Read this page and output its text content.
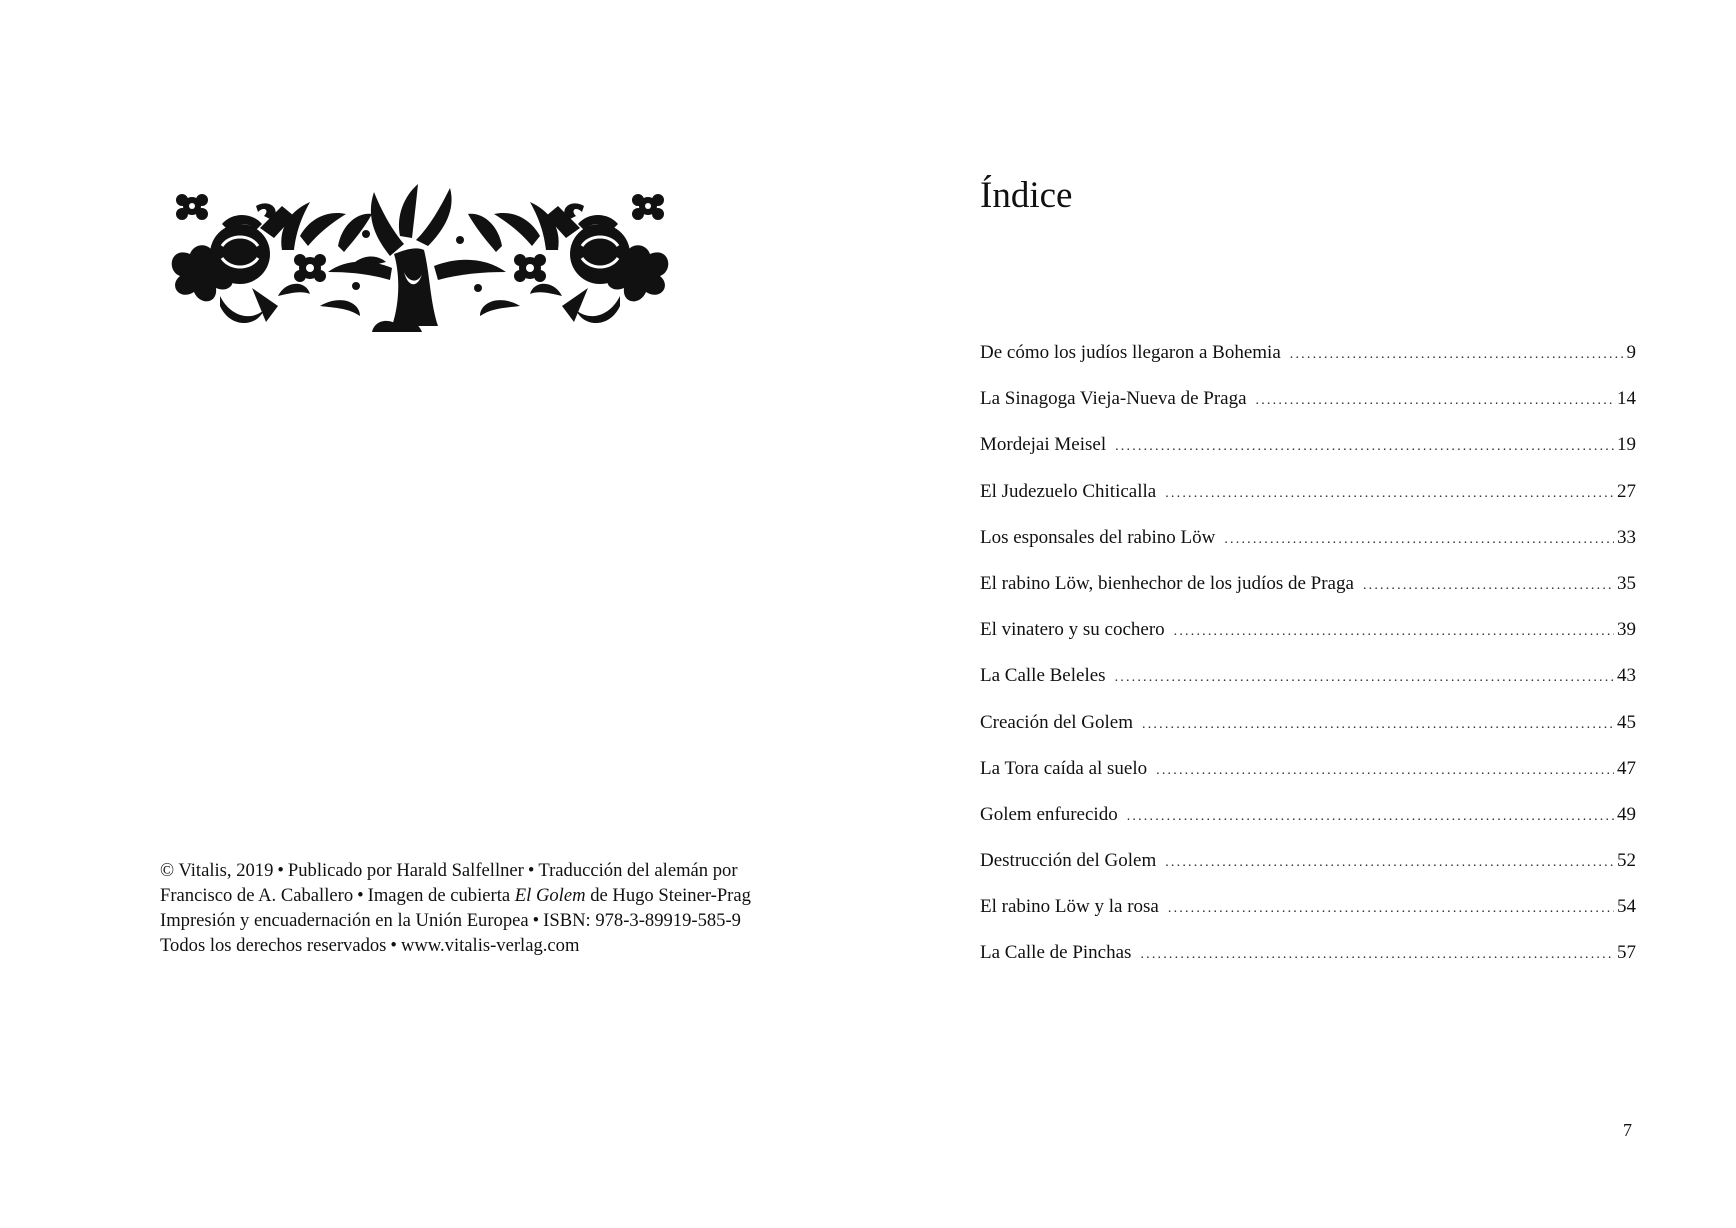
© Vitalis, 2019 • Publicado por Harald Salfellner • Traducción del alemán por
Francisco de A. Caballero • Imagen de cubierta El Golem de Hugo Steiner-Prag
Impresión y encuadernación en la Unión Europea • ISBN: 978-3-89919-585-9
Todos los derechos reservados • www.vitalis-verlag.com
Índice
De cómo los judíos llegaron a Bohemia .....	9
La Sinagoga Vieja-Nueva de Praga .....	14
Mordejai Meisel .....	19
El Judezuelo Chiticalla .....	27
Los esponsales del rabino Löw .....	33
El rabino Löw, bienhechor de los judíos de Praga .....	35
El vinatero y su cochero .....	39
La Calle Beleles .....	43
Creación del Golem .....	45
La Tora caída al suelo .....	47
Golem enfurecido .....	49
Destrucción del Golem .....	52
El rabino Löw y la rosa .....	54
La Calle de Pinchas .....	57
7
